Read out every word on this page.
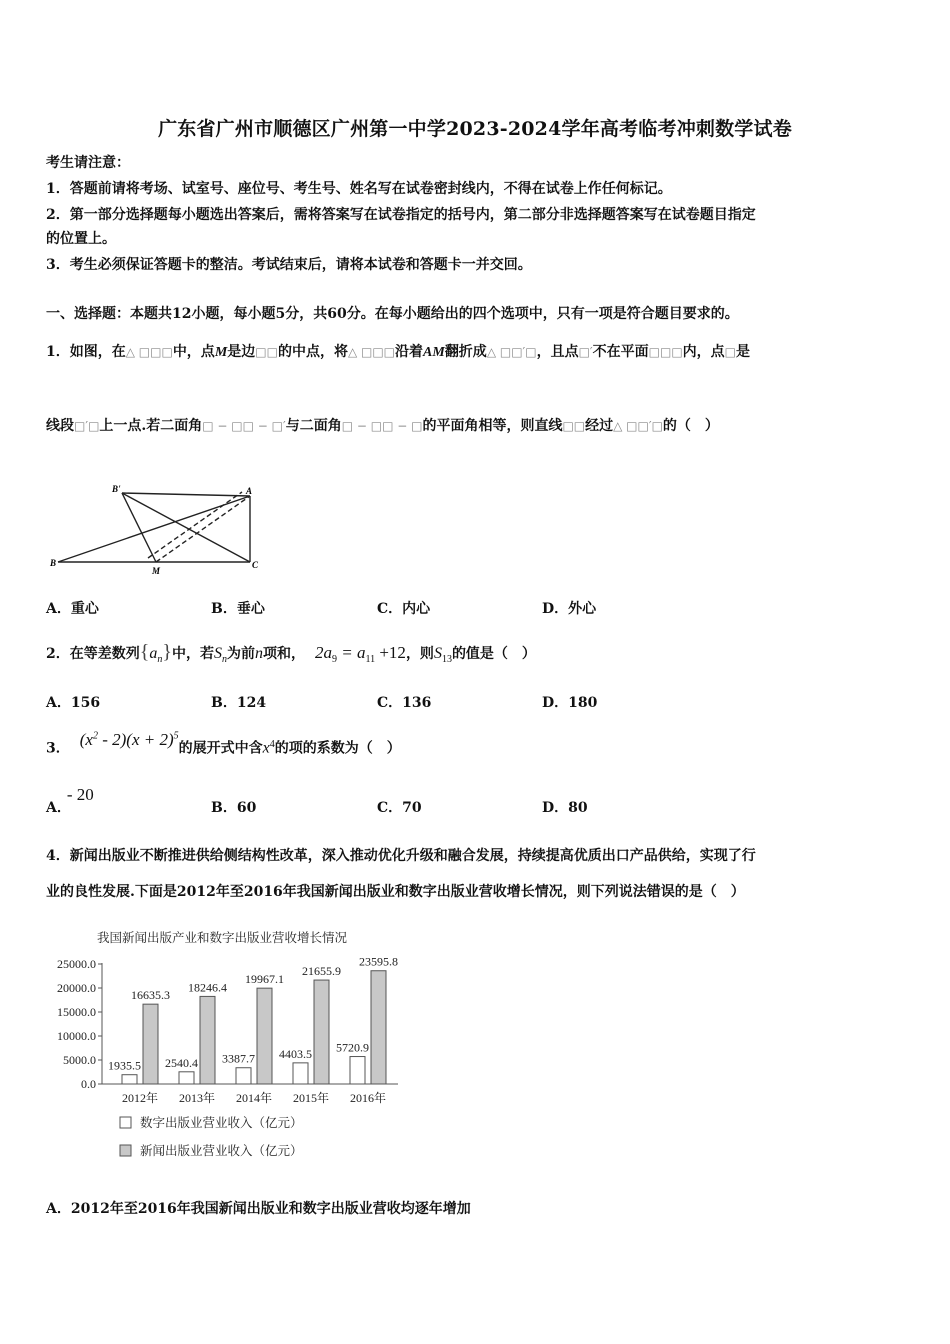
广东省广州市顺德区广州第一中学2023-2024学年高考临考冲刺数学试卷
考生请注意：
1．答题前请将考场、试室号、座位号、考生号、姓名写在试卷密封线内，不得在试卷上作任何标记。
2．第一部分选择题每小题选出答案后，需将答案写在试卷指定的括号内，第二部分非选择题答案写在试卷题目指定
的位置上。
3．考生必须保证答题卡的整洁。考试结束后，请将本试卷和答题卡一并交回。
一、选择题：本题共12小题，每小题5分，共60分。在每小题给出的四个选项中，只有一项是符合题目要求的。
1．如图，在△ □□□中，点M是边□□的中点，将△ □□□沿着AM翻折成△ □□′□，且点□′不在平面□□□内，点□是
线段□′□上一点.若二面角□ − □□ − □′与二面角□ − □□ − □的平面角相等，则直线□□经过△ □□′□的（　）
B'	A
B
M
C
A．重心	B．垂心	C．内心	D．外心
2．在等差数列$\{a_n\}$中，若$S_n$为前n项和， $2a_9 = a_{11} +12$，则$S_{13}$的值是（　）
A．156	B．124	C．136	D．180
3． $(x^2 - 2)(x + 2)^5$的展开式中含$x^4$的项的系数为（　）
A．- 20
B．60	C．70	D．80
4．新闻出版业不断推进供给侧结构性改革，深入推动优化升级和融合发展，持续提高优质出口产品供给，实现了行
业的良性发展.下面是2012年至2016年我国新闻出版业和数字出版业营收增长情况，则下列说法错误的是（　）
我国新闻出版产业和数字出版业营收增长情况
25000.0
20000.0
15000.0
10000.0
5000.0
0.0
1935.5
16635.3
2012年
2540.4
18246.4
2013年
3387.7
19967.1
2014年
4403.5
21655.9
2015年
5720.9
23595.8
2016年
数字出版业营业收入（亿元）
新闻出版业营业收入（亿元）
A．2012年至2016年我国新闻出版业和数字出版业营收均逐年增加
